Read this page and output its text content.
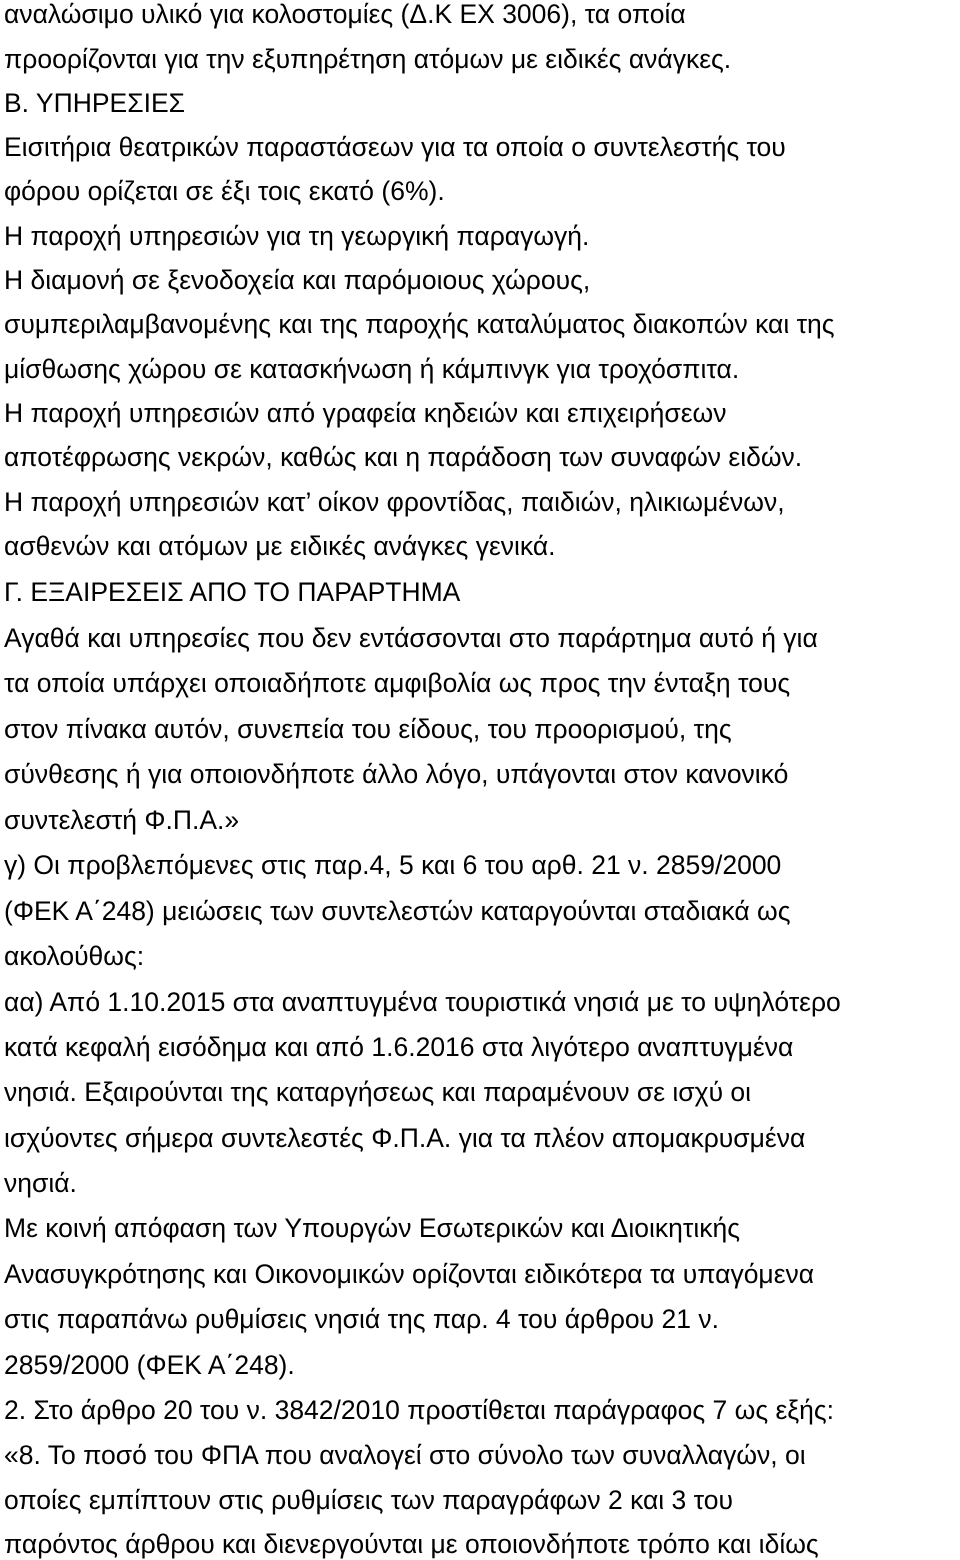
αναλώσιμο υλικό για κολοστομίες (Δ.Κ ΕΧ 3006), τα οποία
προορίζονται για την εξυπηρέτηση ατόμων με ειδικές ανάγκες.
Β. ΥΠΗΡΕΣΙΕΣ
Εισιτήρια θεατρικών παραστάσεων για τα οποία ο συντελεστής του
φόρου ορίζεται σε έξι τοις εκατό (6%).
Η παροχή υπηρεσιών για τη γεωργική παραγωγή.
Η διαμονή σε ξενοδοχεία και παρόμοιους χώρους,
συμπεριλαμβανομένης και της παροχής καταλύματος διακοπών και της
μίσθωσης χώρου σε κατασκήνωση ή κάμπινγκ για τροχόσπιτα.
Η παροχή υπηρεσιών από γραφεία κηδειών και επιχειρήσεων
αποτέφρωσης νεκρών, καθώς και η παράδοση των συναφών ειδών.
Η παροχή υπηρεσιών κατ’ οίκον φροντίδας, παιδιών, ηλικιωμένων,
ασθενών και ατόμων με ειδικές ανάγκες γενικά.
Γ. ΕΞΑΙΡΕΣΕΙΣ ΑΠΟ ΤΟ ΠΑΡΑΡΤΗΜΑ
Αγαθά και υπηρεσίες που δεν εντάσσονται στο παράρτημα αυτό ή για
τα οποία υπάρχει οποιαδήποτε αμφιβολία ως προς την ένταξη τους
στον πίνακα αυτόν, συνεπεία του είδους, του προορισμού, της
σύνθεσης ή για οποιονδήποτε άλλο λόγο, υπάγονται στον κανονικό
συντελεστή Φ.Π.Α.»
γ) Οι προβλεπόμενες στις παρ.4, 5 και 6 του αρθ. 21 ν. 2859/2000
(ΦΕΚ Α΄248) μειώσεις των συντελεστών καταργούνται σταδιακά ως
ακολούθως:
αα) Από 1.10.2015 στα αναπτυγμένα τουριστικά νησιά με το υψηλότερο
κατά κεφαλή εισόδημα και από 1.6.2016 στα λιγότερο αναπτυγμένα
νησιά. Εξαιρούνται της καταργήσεως και παραμένουν σε ισχύ οι
ισχύοντες σήμερα συντελεστές Φ.Π.Α. για τα πλέον απομακρυσμένα
νησιά.
Με κοινή απόφαση των Υπουργών Εσωτερικών και Διοικητικής
Ανασυγκρότησης και Οικονομικών ορίζονται ειδικότερα τα υπαγόμενα
στις παραπάνω ρυθμίσεις νησιά της παρ. 4 του άρθρου 21 ν.
2859/2000 (ΦΕΚ Α΄248).
2. Στο άρθρο 20 του ν. 3842/2010 προστίθεται παράγραφος 7 ως εξής:
«8. Το ποσό του ΦΠΑ που αναλογεί στο σύνολο των συναλλαγών, οι
οποίες εμπίπτουν στις ρυθμίσεις των παραγράφων 2 και 3 του
παρόντος άρθρου και διενεργούνται με οποιονδήποτε τρόπο και ιδίως
